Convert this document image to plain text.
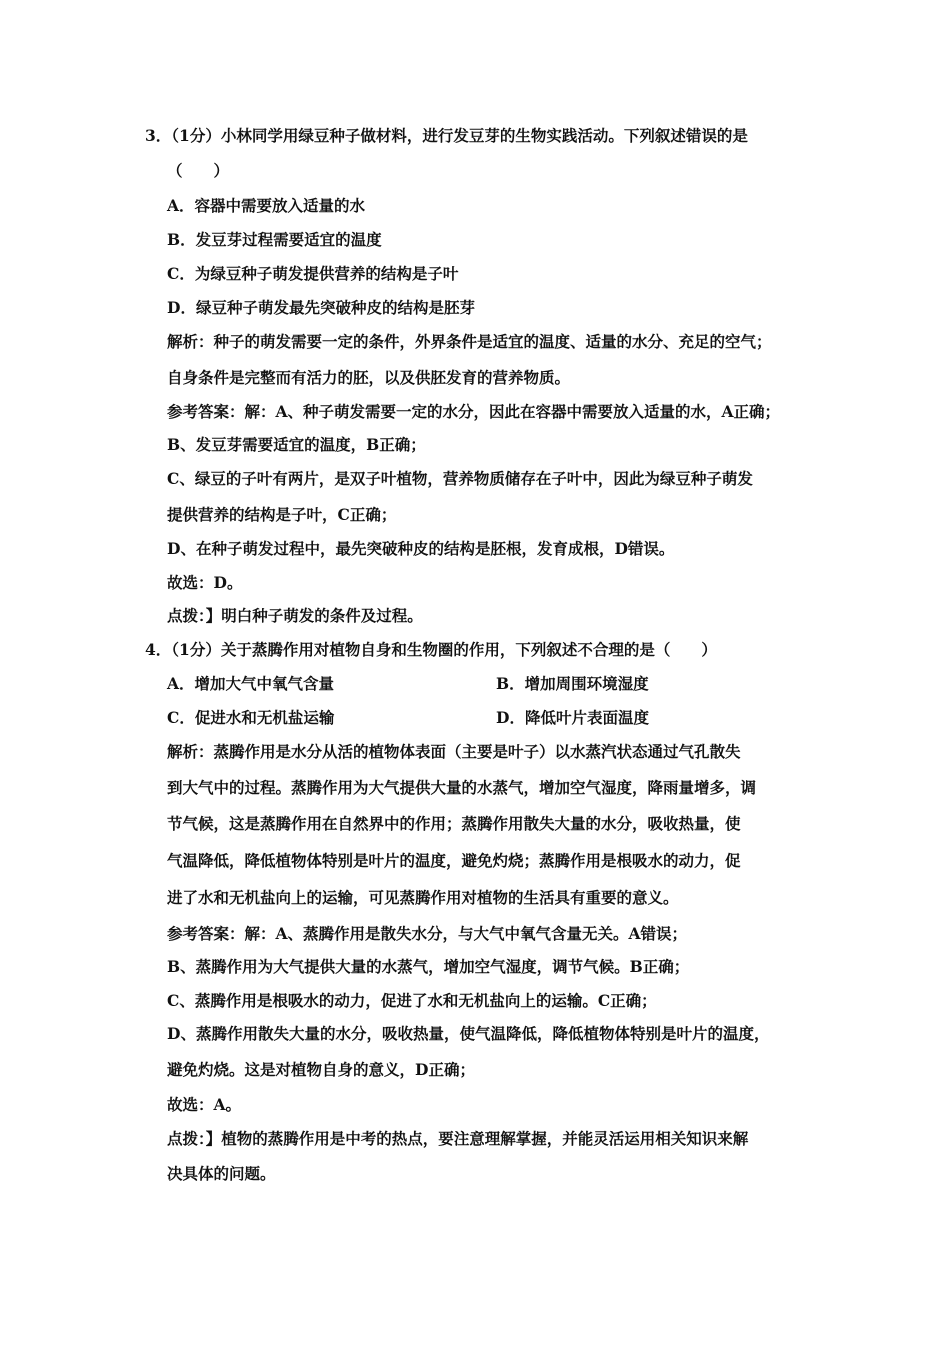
3．（1分）小林同学用绿豆种子做材料，进行发豆芽的生物实践活动。下列叙述错误的是
（　　）
A．容器中需要放入适量的水
B．发豆芽过程需要适宜的温度
C．为绿豆种子萌发提供营养的结构是子叶
D．绿豆种子萌发最先突破种皮的结构是胚芽
解析：种子的萌发需要一定的条件，外界条件是适宜的温度、适量的水分、充足的空气；
自身条件是完整而有活力的胚，以及供胚发育的营养物质。
参考答案：解：A、种子萌发需要一定的水分，因此在容器中需要放入适量的水，A正确；
B、发豆芽需要适宜的温度，B正确；
C、绿豆的子叶有两片，是双子叶植物，营养物质储存在子叶中，因此为绿豆种子萌发
提供营养的结构是子叶，C正确；
D、在种子萌发过程中，最先突破种皮的结构是胚根，发育成根，D错误。
故选：D。
点拨：】明白种子萌发的条件及过程。
4．（1分）关于蒸腾作用对植物自身和生物圈的作用，下列叙述不合理的是（　　）
A．增加大气中氧气含量	B．增加周围环境湿度
C．促进水和无机盐运输	D．降低叶片表面温度
解析：蒸腾作用是水分从活的植物体表面（主要是叶子）以水蒸汽状态通过气孔散失
到大气中的过程。蒸腾作用为大气提供大量的水蒸气，增加空气湿度，降雨量增多，调
节气候，这是蒸腾作用在自然界中的作用；蒸腾作用散失大量的水分，吸收热量，使
气温降低，降低植物体特别是叶片的温度，避免灼烧；蒸腾作用是根吸水的动力，促
进了水和无机盐向上的运输，可见蒸腾作用对植物的生活具有重要的意义。
参考答案：解：A、蒸腾作用是散失水分，与大气中氧气含量无关。A错误；
B、蒸腾作用为大气提供大量的水蒸气，增加空气湿度，调节气候。B正确；
C、蒸腾作用是根吸水的动力，促进了水和无机盐向上的运输。C正确；
D、蒸腾作用散失大量的水分，吸收热量，使气温降低，降低植物体特别是叶片的温度，
避免灼烧。这是对植物自身的意义，D正确；
故选：A。
点拨：】植物的蒸腾作用是中考的热点，要注意理解掌握，并能灵活运用相关知识来解
决具体的问题。
